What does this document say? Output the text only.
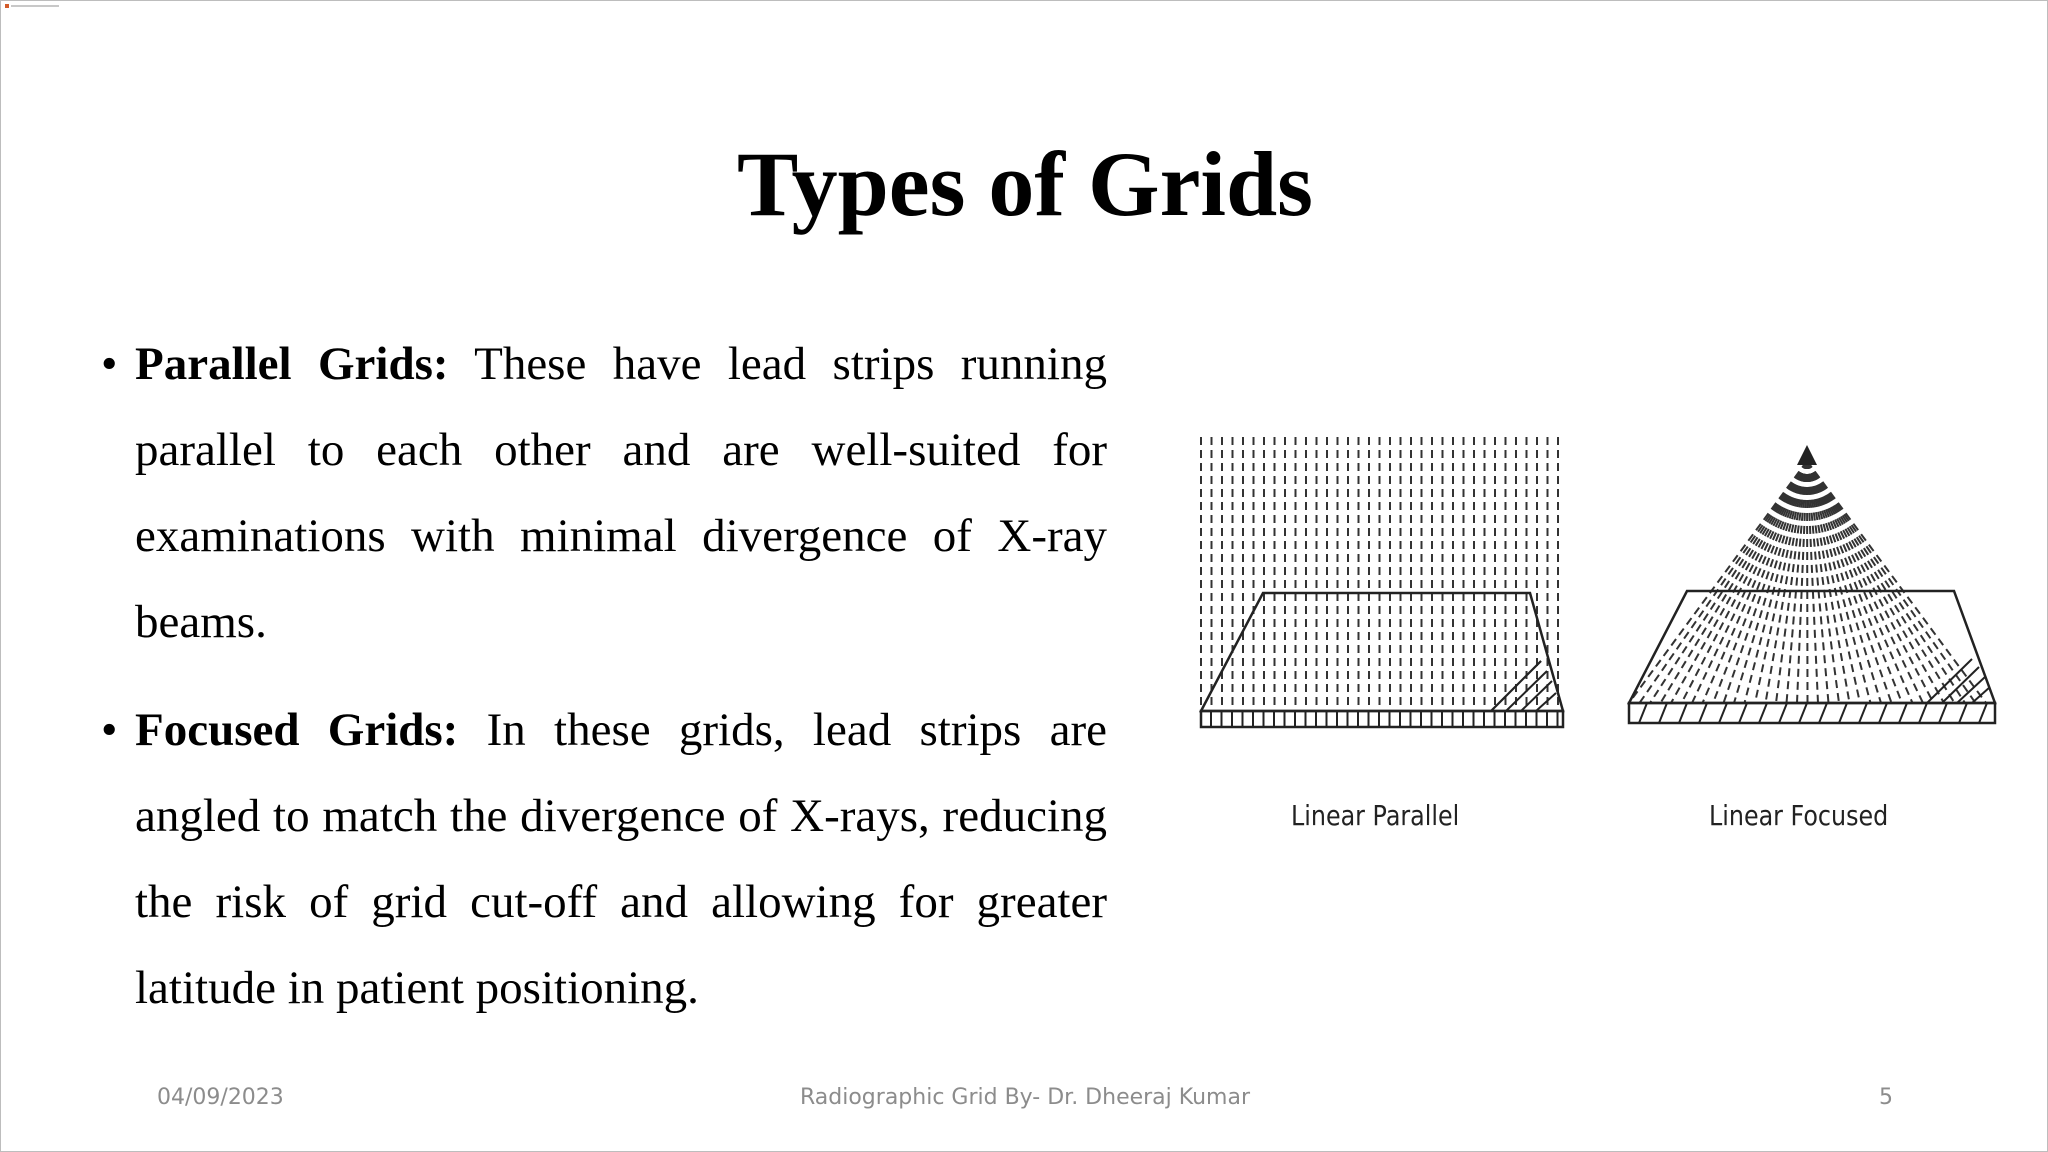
Types of Grids
• Parallel Grids: These have lead strips running parallel to each other and are well-suited for examinations with minimal divergence of X-ray beams.
• Focused Grids: In these grids, lead strips are angled to match the divergence of X-rays, reducing the risk of grid cut-off and allowing for greater latitude in patient positioning.
Linear Parallel	Linear Focused
04/09/2023	Radiographic Grid By- Dr. Dheeraj Kumar	5
